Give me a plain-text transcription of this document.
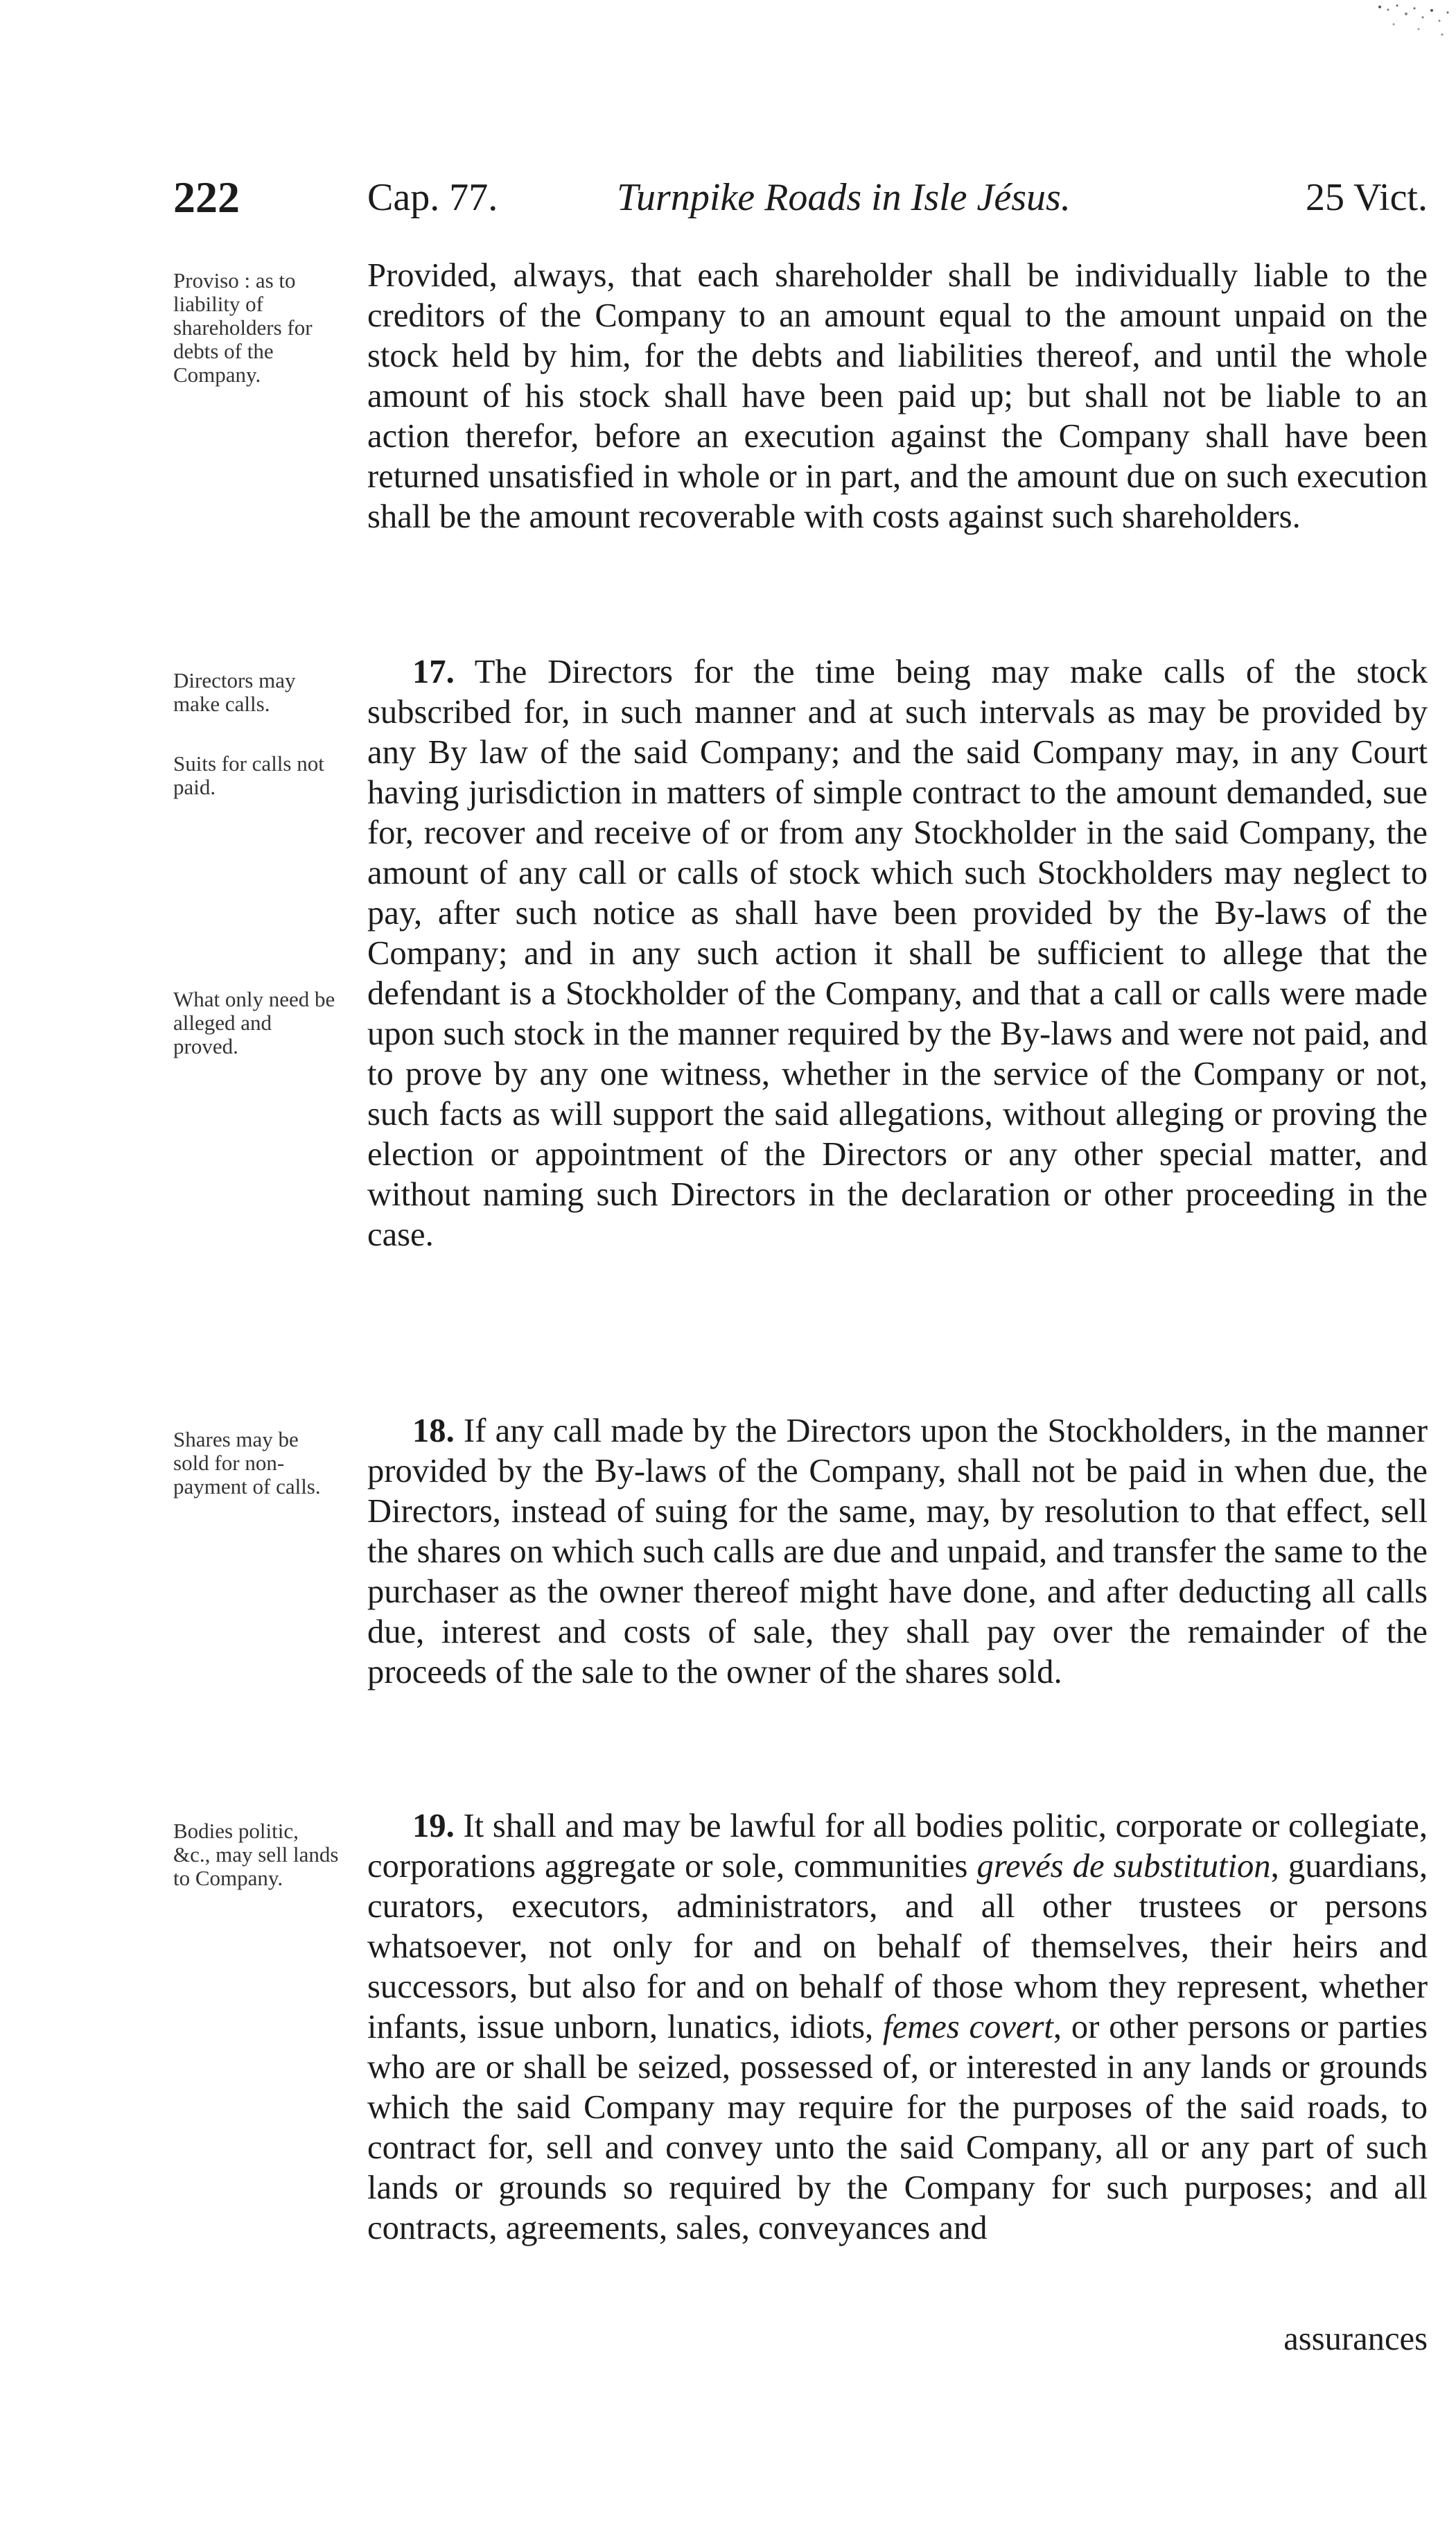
222	Cap. 77.	Turnpike Roads in Isle Jésus.	25 Vict.
Proviso : as to liability of shareholders for debts of the Company.

Provided, always, that each shareholder shall be individually liable to the creditors of the Company to an amount equal to the amount unpaid on the stock held by him, for the debts and liabilities thereof, and until the whole amount of his stock shall have been paid up; but shall not be liable to an action therefor, before an execution against the Company shall have been returned unsatisfied in whole or in part, and the amount due on such execution shall be the amount recoverable with costs against such shareholders.

Directors may make calls.
Suits for calls not paid.
What only need be alleged and proved.

17. The Directors for the time being may make calls of the stock subscribed for, in such manner and at such intervals as may be provided by any By law of the said Company; and the said Company may, in any Court having jurisdiction in matters of simple contract to the amount demanded, sue for, recover and receive of or from any Stockholder in the said Company, the amount of any call or calls of stock which such Stockholders may neglect to pay, after such notice as shall have been provided by the By-laws of the Company; and in any such action it shall be sufficient to allege that the defendant is a Stockholder of the Company, and that a call or calls were made upon such stock in the manner required by the By-laws and were not paid, and to prove by any one witness, whether in the service of the Company or not, such facts as will support the said allegations, without alleging or proving the election or appointment of the Directors or any other special matter, and without naming such Directors in the declaration or other proceeding in the case.

Shares may be sold for non-payment of calls.

18. If any call made by the Directors upon the Stockholders, in the manner provided by the By-laws of the Company, shall not be paid in when due, the Directors, instead of suing for the same, may, by resolution to that effect, sell the shares on which such calls are due and unpaid, and transfer the same to the purchaser as the owner thereof might have done, and after deducting all calls due, interest and costs of sale, they shall pay over the remainder of the proceeds of the sale to the owner of the shares sold.

Bodies politic, &c., may sell lands to Company.

19. It shall and may be lawful for all bodies politic, corporate or collegiate, corporations aggregate or sole, communities grevés de substitution, guardians, curators, executors, administrators, and all other trustees or persons whatsoever, not only for and on behalf of themselves, their heirs and successors, but also for and on behalf of those whom they represent, whether infants, issue unborn, lunatics, idiots, femes covert, or other persons or parties who are or shall be seized, possessed of, or interested in any lands or grounds which the said Company may require for the purposes of the said roads, to contract for, sell and convey unto the said Company, all or any part of such lands or grounds so required by the Company for such purposes; and all contracts, agreements, sales, conveyances and

assurances
